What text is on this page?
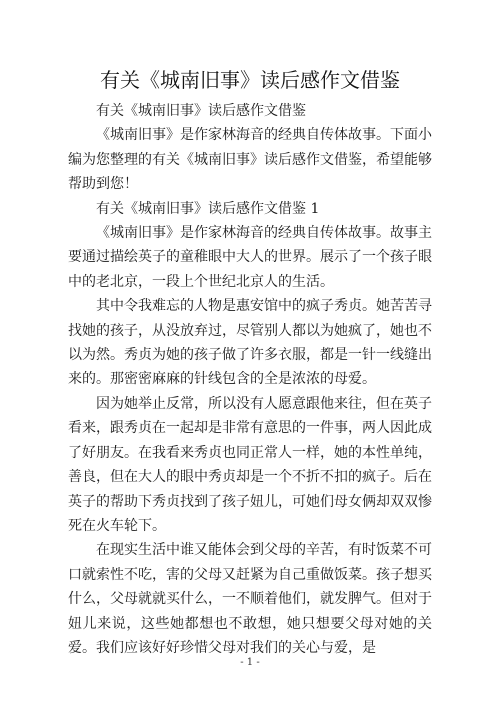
有关《城南旧事》读后感作文借鉴

有关《城南旧事》读后感作文借鉴

《城南旧事》是作家林海音的经典自传体故事。下面小编为您整理的有关《城南旧事》读后感作文借鉴，希望能够帮助到您！

有关《城南旧事》读后感作文借鉴 1

《城南旧事》是作家林海音的经典自传体故事。故事主要通过描绘英子的童稚眼中大人的世界。展示了一个孩子眼中的老北京，一段上个世纪北京人的生活。

其中令我难忘的人物是惠安馆中的疯子秀贞。她苦苦寻找她的孩子，从没放弃过，尽管别人都以为她疯了，她也不以为然。秀贞为她的孩子做了许多衣服，都是一针一线缝出来的。那密密麻麻的针线包含的全是浓浓的母爱。

因为她举止反常，所以没有人愿意跟他来往，但在英子看来，跟秀贞在一起却是非常有意思的一件事，两人因此成了好朋友。在我看来秀贞也同正常人一样，她的本性单纯，善良，但在大人的眼中秀贞却是一个不折不扣的疯子。后在英子的帮助下秀贞找到了孩子妞儿，可她们母女俩却双双惨死在火车轮下。

在现实生活中谁又能体会到父母的辛苦，有时饭菜不可口就索性不吃，害的父母又赶紧为自己重做饭菜。孩子想买什么，父母就就买什么，一不顺着他们，就发脾气。但对于妞儿来说，这些她都想也不敢想，她只想要父母对她的关爱。我们应该好好珍惜父母对我们的关心与爱，是

- 1 -
